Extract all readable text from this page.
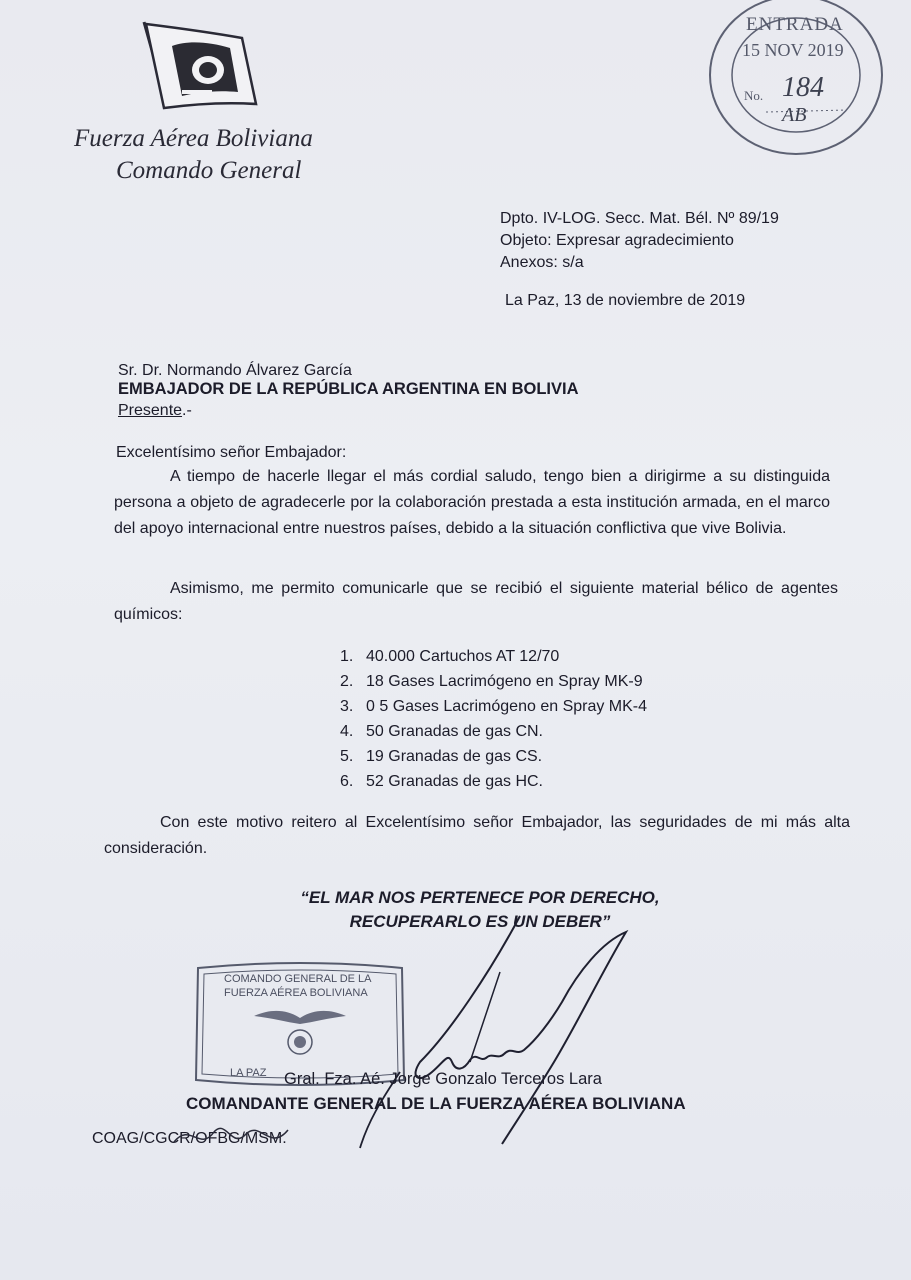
Fuerza Aérea Boliviana
Comando General
ENTRADA
15 NOV 2019
No. 184
AB
Dpto. IV-LOG. Secc. Mat. Bél. Nº 89/19
Objeto: Expresar agradecimiento
Anexos: s/a
La Paz, 13 de noviembre de 2019
Sr. Dr. Normando Álvarez García
EMBAJADOR DE LA REPÚBLICA ARGENTINA EN BOLIVIA
Presente.-
Excelentísimo señor Embajador:
A tiempo de hacerle llegar el más cordial saludo, tengo bien a dirigirme a su distinguida persona a objeto de agradecerle por la colaboración prestada a esta institución armada, en el marco del apoyo internacional entre nuestros países, debido a la situación conflictiva que vive Bolivia.
Asimismo, me permito comunicarle que se recibió el siguiente material bélico de agentes químicos:
1. 40.000 Cartuchos AT 12/70
2. 18 Gases Lacrimógeno en Spray MK-9
3. 0 5 Gases Lacrimógeno en Spray MK-4
4. 50 Granadas de gas CN.
5. 19 Granadas de gas CS.
6. 52 Granadas de gas HC.
Con este motivo reitero al Excelentísimo señor Embajador, las seguridades de mi más alta consideración.
“EL MAR NOS PERTENECE POR DERECHO,
RECUPERARLO ES UN DEBER”
COMANDO GENERAL DE LA
FUERZA AÉREA BOLIVIANA
LA PAZ Gral. Fza. Aé. Jorge Gonzalo Terceros Lara
COMANDANTE GENERAL DE LA FUERZA AÉREA BOLIVIANA
COAG/CGCR/OFBG/MSM.
